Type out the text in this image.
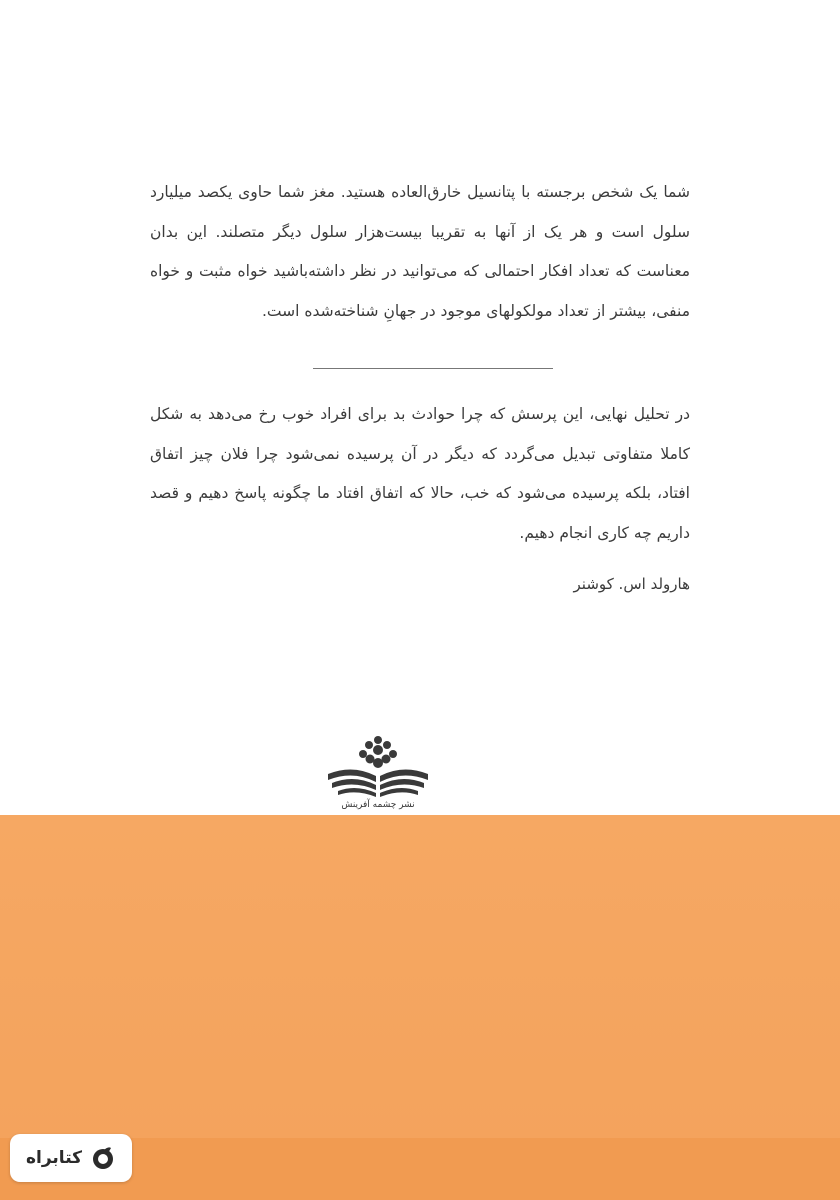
شما یک شخص برجسته با پتانسیل خارق‌العاده هستید. مغز شما حاوی یکصد میلیارد سلول است و هر یک از آنها به تقریبا بیست‌هزار سلول دیگر متصلند. این بدان معناست که تعداد افکار احتمالی که می‌توانید در نظر داشته‌باشید خواه مثبت و خواه منفی، بیشتر از تعداد مولکولهای موجود در جهانِ شناخته‌شده است.

در تحلیل نهایی، این پرسش که چرا حوادث بد برای افراد خوب رخ می‌دهد به شکل کاملا متفاوتی تبدیل می‌گردد که دیگر در آن پرسیده نمی‌شود چرا فلان چیز اتفاق افتاد، بلکه پرسیده می‌شود که خب، حالا که اتفاق افتاد ما چگونه پاسخ دهیم و قصد داریم چه کاری انجام دهیم.

هارولد اس. کوشنر
نشر چشمه آفرینش
کتابراه
